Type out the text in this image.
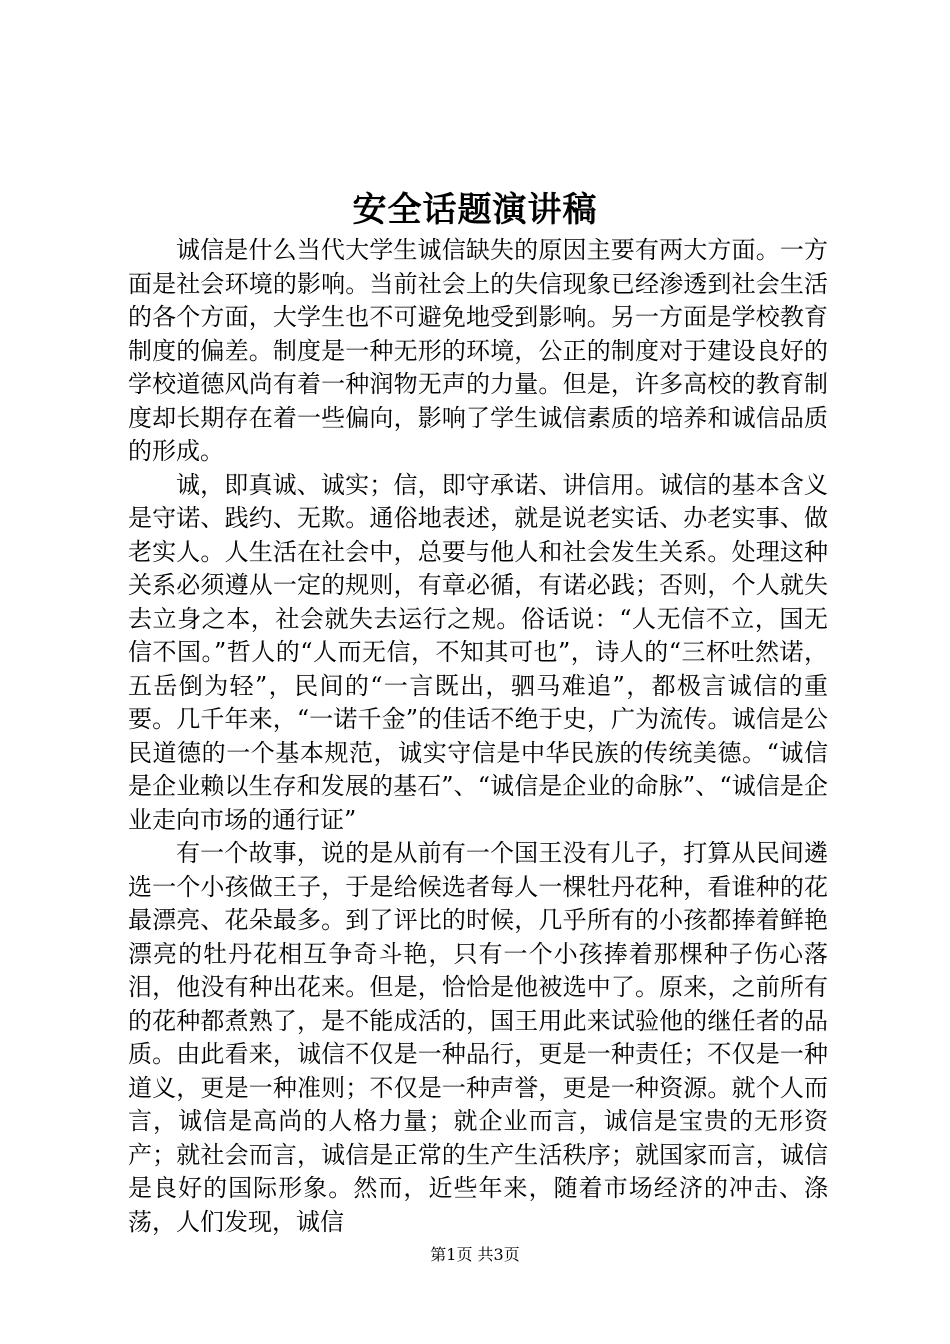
安全话题演讲稿

诚信是什么当代大学生诚信缺失的原因主要有两大方面。一方面是社会环境的影响。当前社会上的失信现象已经渗透到社会生活的各个方面，大学生也不可避免地受到影响。另一方面是学校教育制度的偏差。制度是一种无形的环境，公正的制度对于建设良好的学校道德风尚有着一种润物无声的力量。但是，许多高校的教育制度却长期存在着一些偏向，影响了学生诚信素质的培养和诚信品质的形成。

诚，即真诚、诚实；信，即守承诺、讲信用。诚信的基本含义是守诺、践约、无欺。通俗地表述，就是说老实话、办老实事、做老实人。人生活在社会中，总要与他人和社会发生关系。处理这种关系必须遵从一定的规则，有章必循，有诺必践；否则，个人就失去立身之本，社会就失去运行之规。俗话说：“人无信不立，国无信不国。”哲人的“人而无信，不知其可也”，诗人的“三杯吐然诺，五岳倒为轻”，民间的“一言既出，驷马难追”，都极言诚信的重要。几千年来，“一诺千金”的佳话不绝于史，广为流传。诚信是公民道德的一个基本规范，诚实守信是中华民族的传统美德。“诚信是企业赖以生存和发展的基石”、“诚信是企业的命脉”、“诚信是企业走向市场的通行证”

有一个故事，说的是从前有一个国王没有儿子，打算从民间遴选一个小孩做王子，于是给候选者每人一棵牡丹花种，看谁种的花最漂亮、花朵最多。到了评比的时候，几乎所有的小孩都捧着鲜艳漂亮的牡丹花相互争奇斗艳，只有一个小孩捧着那棵种子伤心落泪，他没有种出花来。但是，恰恰是他被选中了。原来，之前所有的花种都煮熟了，是不能成活的，国王用此来试验他的继任者的品质。由此看来，诚信不仅是一种品行，更是一种责任；不仅是一种道义，更是一种准则；不仅是一种声誉，更是一种资源。就个人而言，诚信是高尚的人格力量；就企业而言，诚信是宝贵的无形资产；就社会而言，诚信是正常的生产生活秩序；就国家而言，诚信是良好的国际形象。然而，近些年来，随着市场经济的冲击、涤荡，人们发现，诚信

第1页 共3页
